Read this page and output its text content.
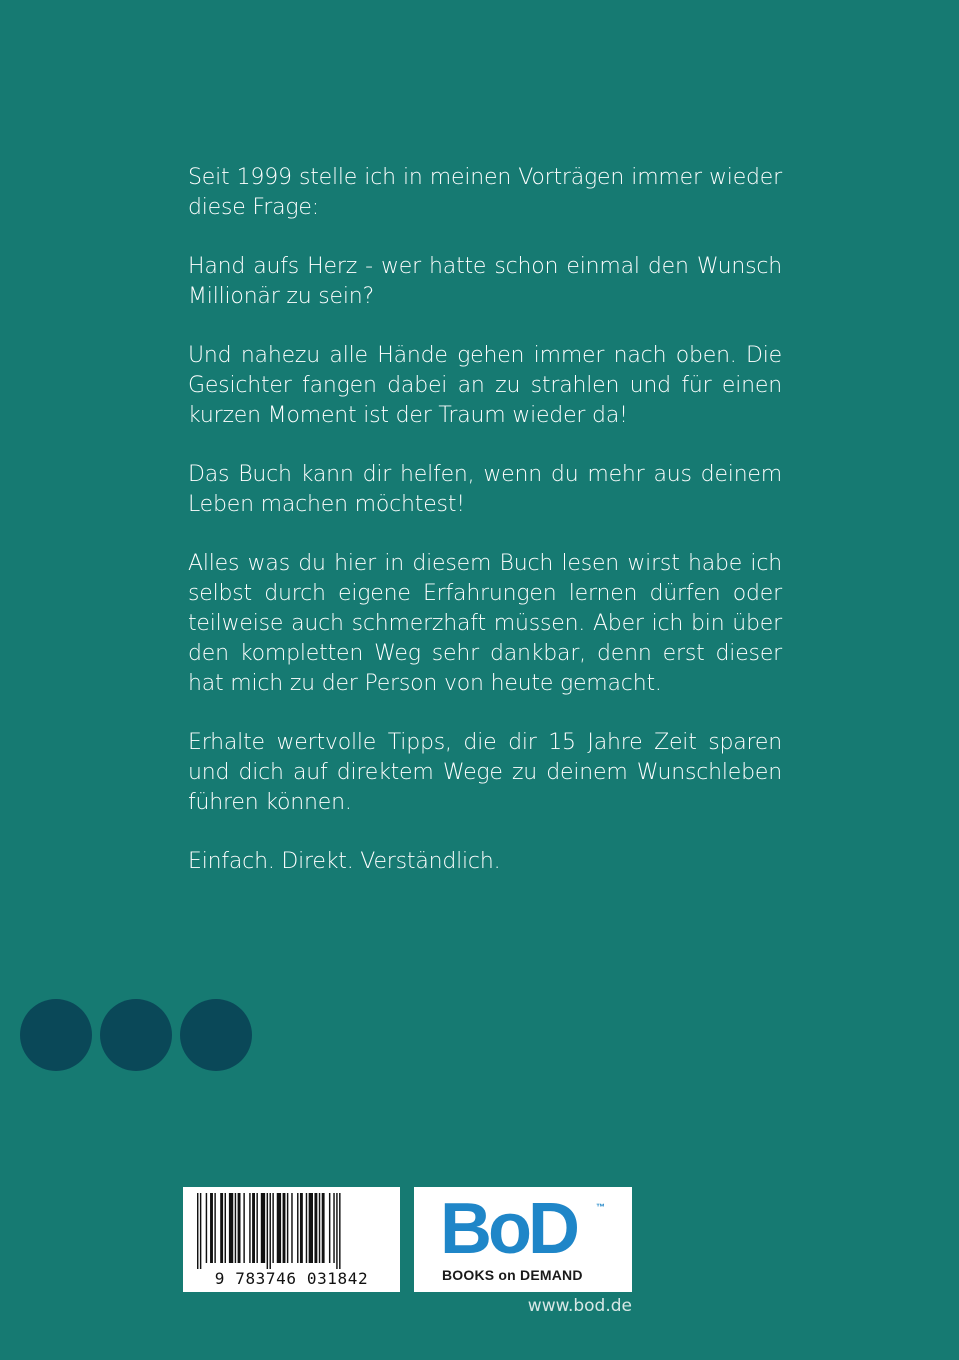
Seit 1999 stelle ich in meinen Vorträgen immer wieder diese Frage:

Hand aufs Herz - wer hatte schon einmal den Wunsch Millionär zu sein?

Und nahezu alle Hände gehen immer nach oben. Die Gesichter fangen dabei an zu strahlen und für einen kurzen Moment ist der Traum wieder da!

Das Buch kann dir helfen, wenn du mehr aus deinem Leben machen möchtest!

Alles was du hier in diesem Buch lesen wirst habe ich selbst durch eigene Erfahrungen lernen dürfen oder teilweise auch schmerzhaft müssen. Aber ich bin über den kompletten Weg sehr dankbar, denn erst dieser hat mich zu der Person von heute gemacht.

Erhalte wertvolle Tipps, die dir 15 Jahre Zeit sparen und dich auf direktem Wege zu deinem Wunschleben führen können.

Einfach. Direkt. Verständlich.

9 783746 031842
BoD ™
BOOKS on DEMAND
www.bod.de
